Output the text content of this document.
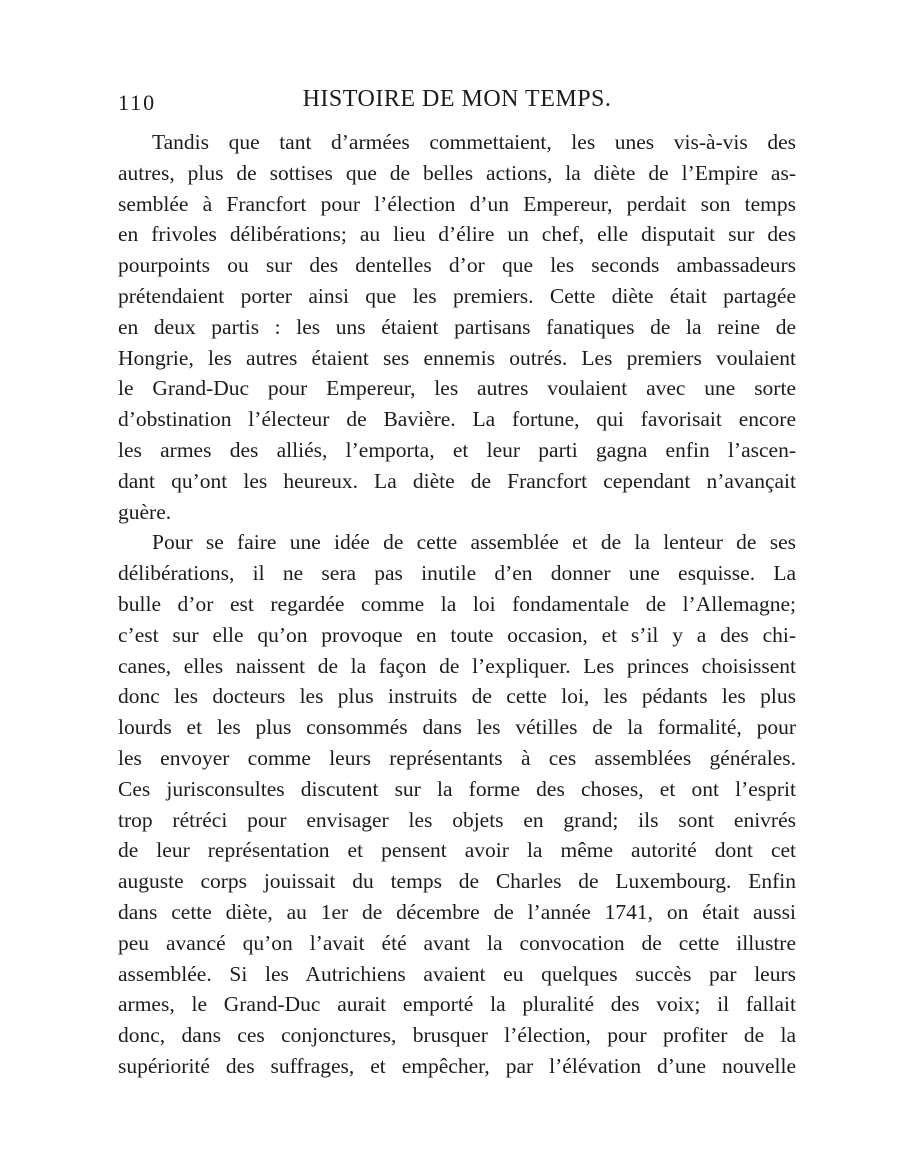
110	HISTOIRE DE MON TEMPS.
Tandis que tant d’armées commettaient, les unes vis-à-vis des
autres, plus de sottises que de belles actions, la diète de l’Empire as-
semblée à Francfort pour l’élection d’un Empereur, perdait son temps
en frivoles délibérations; au lieu d’élire un chef, elle disputait sur des
pourpoints ou sur des dentelles d’or que les seconds ambassadeurs
prétendaient porter ainsi que les premiers. Cette diète était partagée
en deux partis : les uns étaient partisans fanatiques de la reine de
Hongrie, les autres étaient ses ennemis outrés. Les premiers voulaient
le Grand-Duc pour Empereur, les autres voulaient avec une sorte
d’obstination l’électeur de Bavière. La fortune, qui favorisait encore
les armes des alliés, l’emporta, et leur parti gagna enfin l’ascen-
dant qu’ont les heureux. La diète de Francfort cependant n’avançait
guère.
Pour se faire une idée de cette assemblée et de la lenteur de ses
délibérations, il ne sera pas inutile d’en donner une esquisse. La
bulle d’or est regardée comme la loi fondamentale de l’Allemagne;
c’est sur elle qu’on provoque en toute occasion, et s’il y a des chi-
canes, elles naissent de la façon de l’expliquer. Les princes choisissent
donc les docteurs les plus instruits de cette loi, les pédants les plus
lourds et les plus consommés dans les vétilles de la formalité, pour
les envoyer comme leurs représentants à ces assemblées générales.
Ces jurisconsultes discutent sur la forme des choses, et ont l’esprit
trop rétréci pour envisager les objets en grand; ils sont enivrés
de leur représentation et pensent avoir la même autorité dont cet
auguste corps jouissait du temps de Charles de Luxembourg. Enfin
dans cette diète, au 1er de décembre de l’année 1741, on était aussi
peu avancé qu’on l’avait été avant la convocation de cette illustre
assemblée. Si les Autrichiens avaient eu quelques succès par leurs
armes, le Grand-Duc aurait emporté la pluralité des voix; il fallait
donc, dans ces conjonctures, brusquer l’élection, pour profiter de la
supériorité des suffrages, et empêcher, par l’élévation d’une nouvelle
